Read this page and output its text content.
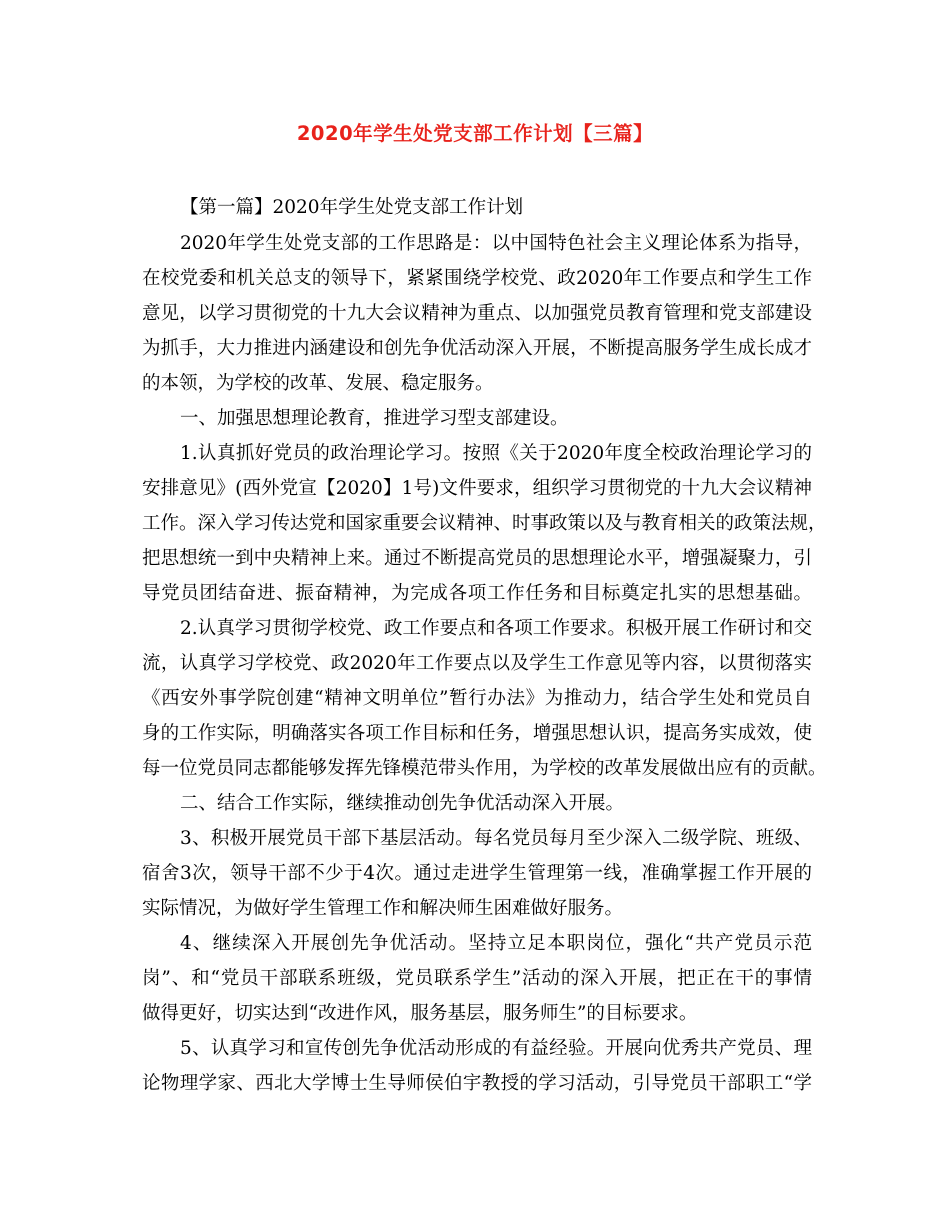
2020年学生处党支部工作计划【三篇】
【第一篇】2020年学生处党支部工作计划
2020年学生处党支部的工作思路是：以中国特色社会主义理论体系为指导，
在校党委和机关总支的领导下，紧紧围绕学校党、政2020年工作要点和学生工作
意见，以学习贯彻党的十九大会议精神为重点、以加强党员教育管理和党支部建设
为抓手，大力推进内涵建设和创先争优活动深入开展，不断提高服务学生成长成才
的本领，为学校的改革、发展、稳定服务。
一、加强思想理论教育，推进学习型支部建设。
1.认真抓好党员的政治理论学习。按照《关于2020年度全校政治理论学习的
安排意见》(西外党宣【2020】1号)文件要求，组织学习贯彻党的十九大会议精神
工作。深入学习传达党和国家重要会议精神、时事政策以及与教育相关的政策法规，
把思想统一到中央精神上来。通过不断提高党员的思想理论水平，增强凝聚力，引
导党员团结奋进、振奋精神，为完成各项工作任务和目标奠定扎实的思想基础。
2.认真学习贯彻学校党、政工作要点和各项工作要求。积极开展工作研讨和交
流，认真学习学校党、政2020年工作要点以及学生工作意见等内容，以贯彻落实
《西安外事学院创建“精神文明单位”暂行办法》为推动力，结合学生处和党员自
身的工作实际，明确落实各项工作目标和任务，增强思想认识，提高务实成效，使
每一位党员同志都能够发挥先锋模范带头作用，为学校的改革发展做出应有的贡献。
二、结合工作实际，继续推动创先争优活动深入开展。
3、积极开展党员干部下基层活动。每名党员每月至少深入二级学院、班级、
宿舍3次，领导干部不少于4次。通过走进学生管理第一线，准确掌握工作开展的
实际情况，为做好学生管理工作和解决师生困难做好服务。
4、继续深入开展创先争优活动。坚持立足本职岗位，强化“共产党员示范
岗”、和“党员干部联系班级，党员联系学生”活动的深入开展，把正在干的事情
做得更好，切实达到“改进作风，服务基层，服务师生”的目标要求。
5、认真学习和宣传创先争优活动形成的有益经验。开展向优秀共产党员、理
论物理学家、西北大学博士生导师侯伯宇教授的学习活动，引导党员干部职工“学
